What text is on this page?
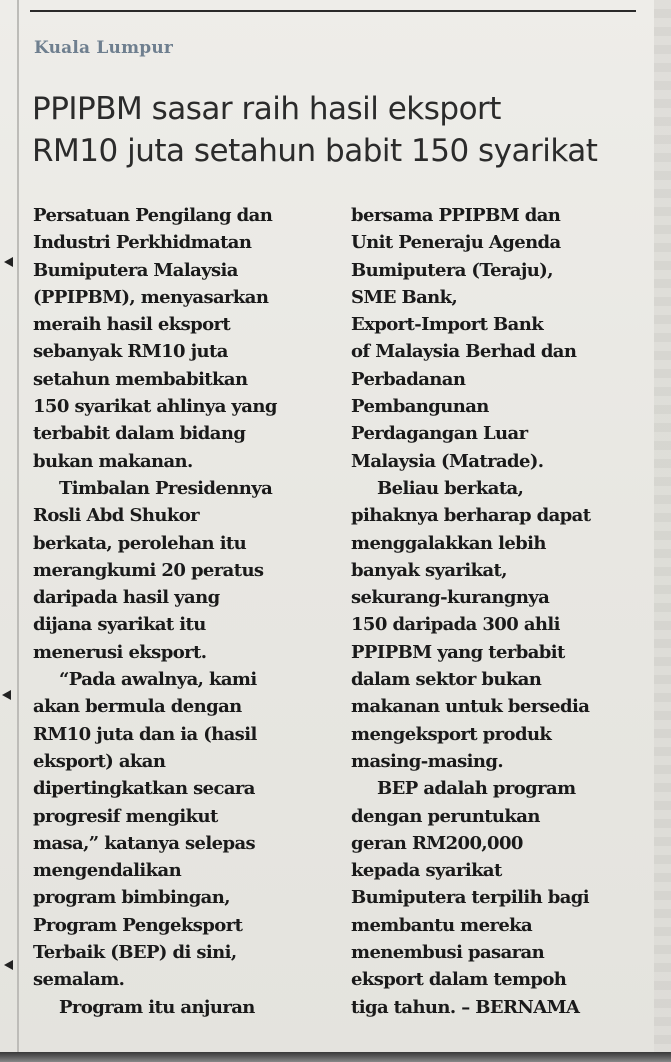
Kuala Lumpur
PPIPBM sasar raih hasil eksport
RM10 juta setahun babit 150 syarikat
Persatuan Pengilang dan
Industri Perkhidmatan
Bumiputera Malaysia
(PPIPBM), menyasarkan
meraih hasil eksport
sebanyak RM10 juta
setahun membabitkan
150 syarikat ahlinya yang
terbabit dalam bidang
bukan makanan.
Timbalan Presidennya
Rosli Abd Shukor
berkata, perolehan itu
merangkumi 20 peratus
daripada hasil yang
dijana syarikat itu
menerusi eksport.
“Pada awalnya, kami
akan bermula dengan
RM10 juta dan ia (hasil
eksport) akan
dipertingkatkan secara
progresif mengikut
masa,” katanya selepas
mengendalikan
program bimbingan,
Program Pengeksport
Terbaik (BEP) di sini,
semalam.
Program itu anjuran
bersama PPIPBM dan
Unit Peneraju Agenda
Bumiputera (Teraju),
SME Bank,
Export-Import Bank
of Malaysia Berhad dan
Perbadanan
Pembangunan
Perdagangan Luar
Malaysia (Matrade).
Beliau berkata,
pihaknya berharap dapat
menggalakkan lebih
banyak syarikat,
sekurang-kurangnya
150 daripada 300 ahli
PPIPBM yang terbabit
dalam sektor bukan
makanan untuk bersedia
mengeksport produk
masing-masing.
BEP adalah program
dengan peruntukan
geran RM200,000
kepada syarikat
Bumiputera terpilih bagi
membantu mereka
menembusi pasaran
eksport dalam tempoh
tiga tahun. – BERNAMA
